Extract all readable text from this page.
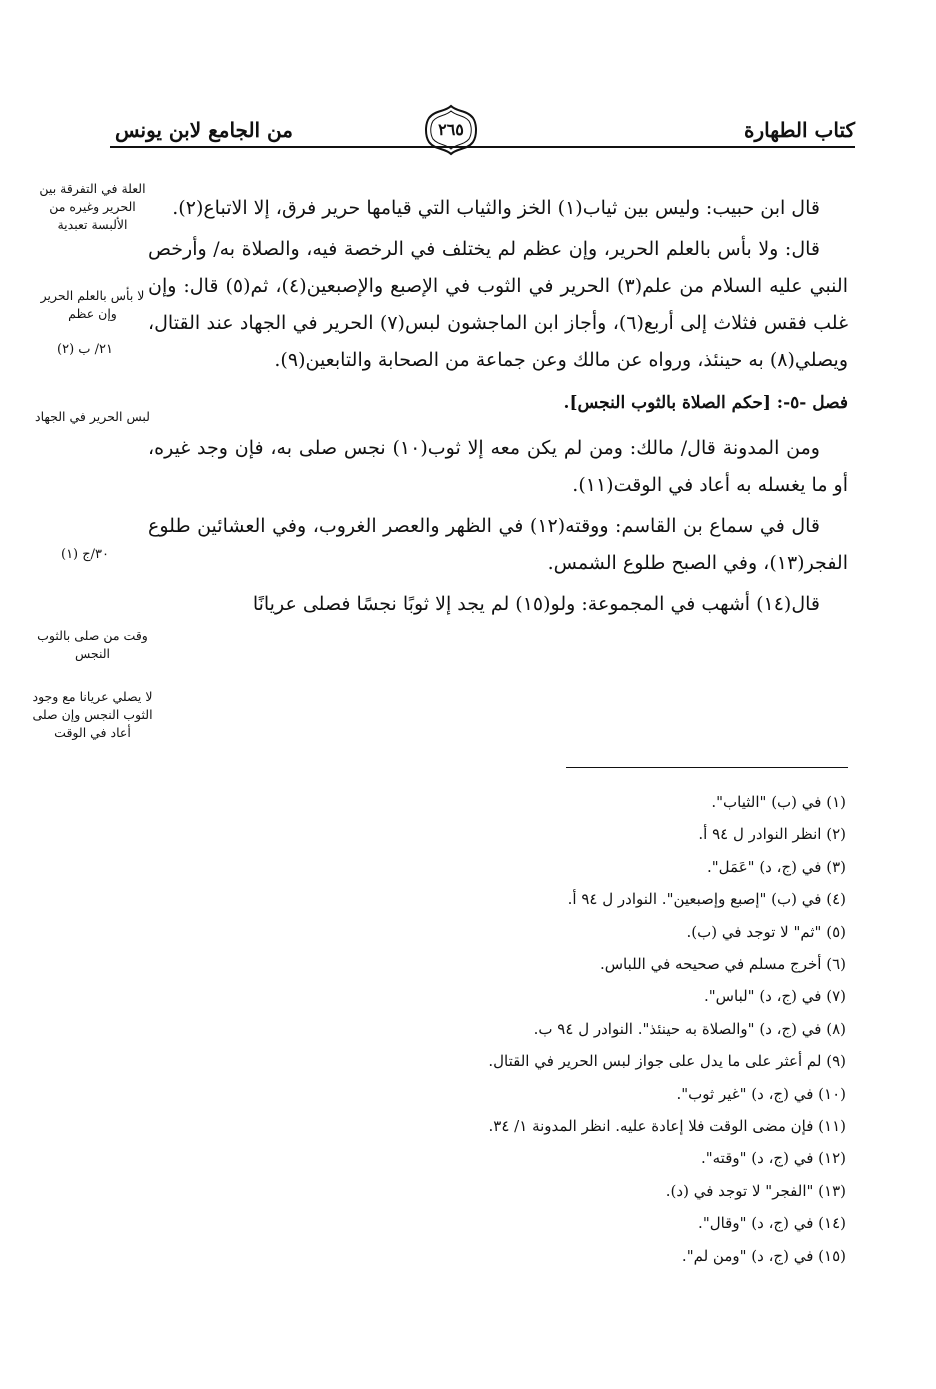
كتاب الطهارة
٢٦٥
من الجامع لابن يونس
العلة في التفرقة بين الحرير وغيره من الألبسة تعبدية
لا بأس بالعلم الحرير وإن عظم
٢١/ ب (٢)
لبس الحرير في الجهاد
٣٠/ج (١)
وقت من صلى بالثوب النجس
لا يصلي عريانا مع وجود الثوب النجس وإن صلى أعاد في الوقت

قال ابن حبيب: وليس بين ثياب(١) الخز والثياب التي قيامها حرير فرق، إلا الاتباع(٢).

قال: ولا بأس بالعلم الحرير، وإن عظم لم يختلف في الرخصة فيه، والصلاة به/ وأرخص النبي عليه السلام من علم(٣) الحرير في الثوب في الإصبع والإصبعين(٤)، ثم(٥) قال: وإن غلب فقس فثلاث إلى أربع(٦)، وأجاز ابن الماجشون لبس(٧) الحرير في الجهاد عند القتال، ويصلي(٨) به حينئذ، ورواه عن مالك وعن جماعة من الصحابة والتابعين(٩).

فصل -٥-: [حكم الصلاة بالثوب النجس].

ومن المدونة قال/ مالك: ومن لم يكن معه إلا ثوب(١٠) نجس صلى به، فإن وجد غيره، أو ما يغسله به أعاد في الوقت(١١).

قال في سماع بن القاسم: ووقته(١٢) في الظهر والعصر الغروب، وفي العشائين طلوع الفجر(١٣)، وفي الصبح طلوع الشمس.

قال(١٤) أشهب في المجموعة: ولو(١٥) لم يجد إلا ثوبًا نجسًا فصلى عريانًا

(١) في (ب) "الثياب".
(٢) انظر النوادر ل ٩٤ أ.
(٣) في (ج، د) "عَمَل".
(٤) في (ب) "إصبع وإصبعين". النوادر ل ٩٤ أ.
(٥) "ثم" لا توجد في (ب).
(٦) أخرج مسلم في صحيحه في اللباس.
(٧) في (ج، د) "لباس".
(٨) في (ج، د) "والصلاة به حينئذ". النوادر ل ٩٤ ب.
(٩) لم أعثر على ما يدل على جواز لبس الحرير في القتال.
(١٠) في (ج، د) "غير ثوب".
(١١) فإن مضى الوقت فلا إعادة عليه. انظر المدونة ١/ ٣٤.
(١٢) في (ج، د) "وقته".
(١٣) "الفجر" لا توجد في (د).
(١٤) في (ج، د) "وقال".
(١٥) في (ج، د) "ومن لم".
